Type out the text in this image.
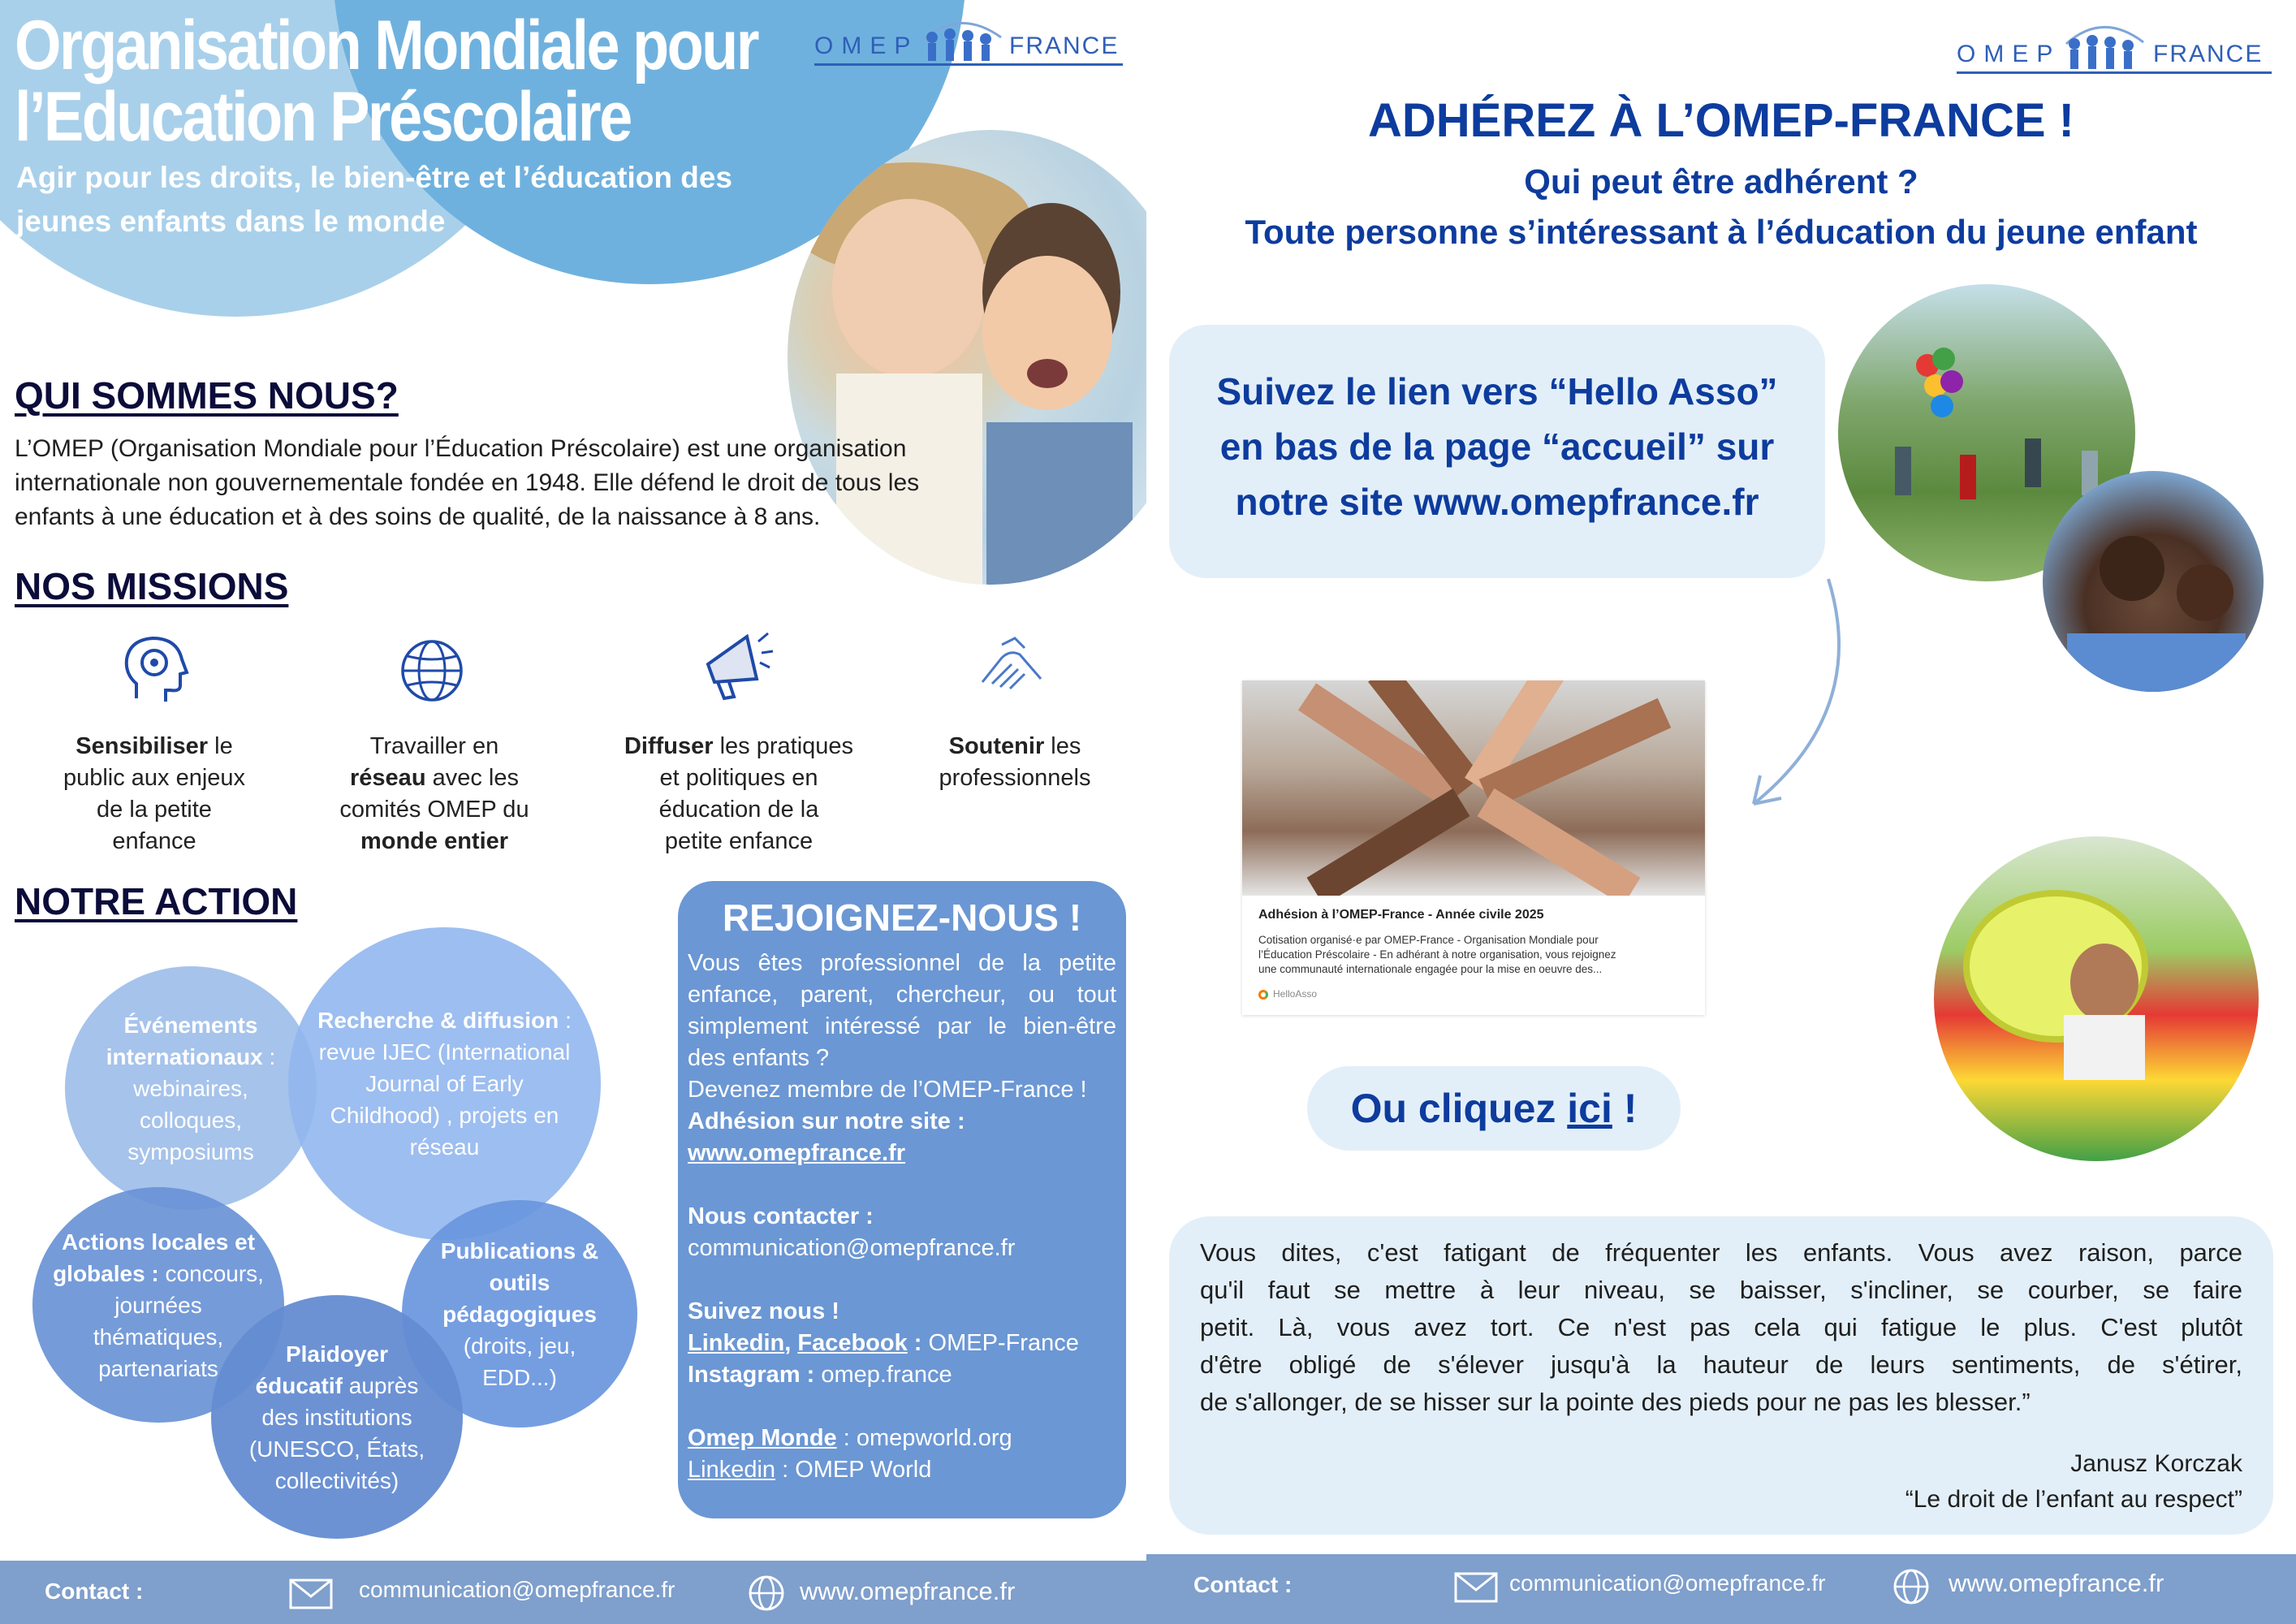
Organisation Mondiale pour
l’Education Préscolaire
Agir pour les droits, le bien-être et l’éducation des
jeunes enfants dans le monde
OMEP	FRANCE
QUI SOMMES NOUS?
L’OMEP (Organisation Mondiale pour l’Éducation Préscolaire) est une organisation
internationale non gouvernementale fondée en 1948. Elle défend le droit de tous les
enfants à une éducation et à des soins de qualité, de la naissance à 8 ans.
NOS MISSIONS
Sensibiliser le
public aux enjeux
de la petite
enfance
Travailler en
réseau avec les
comités OMEP du
monde entier
Diffuser les pratiques
et politiques en
éducation de la
petite enfance
Soutenir les
professionnels
NOTRE ACTION
Événements
internationaux :
webinaires,
colloques,
symposiums
Recherche & diffusion :
revue IJEC (International
Journal of Early
Childhood) , projets en
réseau
Actions locales et
globales : concours,
journées
thématiques,
partenariats
Publications &
outils
pédagogiques
(droits, jeu,
EDD...)
Plaidoyer
éducatif auprès
des institutions
(UNESCO, États,
collectivités)
REJOIGNEZ-NOUS !
Vous êtes professionnel de la petite enfance, parent, chercheur, ou tout simplement intéressé par le bien-être des enfants ?
Devenez membre de l’OMEP-France !
Adhésion sur notre site :
www.omepfrance.fr

Nous contacter :
communication@omepfrance.fr

Suivez nous !
Linkedin, Facebook : OMEP-France
Instagram : omep.france

Omep Monde : omepworld.org
Linkedin : OMEP World
Contact :	communication@omepfrance.fr	www.omepfrance.fr
OMEP	FRANCE
ADHÉREZ À L’OMEP-FRANCE !
Qui peut être adhérent ?
Toute personne s’intéressant à l’éducation du jeune enfant
Suivez le lien vers “Hello Asso”
en bas de la page “accueil” sur
notre site www.omepfrance.fr
Adhésion à l’OMEP-France - Année civile 2025
Cotisation organisé·e par OMEP-France - Organisation Mondiale pour
l’Éducation Préscolaire - En adhérant à notre organisation, vous rejoignez
une communauté internationale engagée pour la mise en oeuvre des...
HelloAsso
Ou cliquez ici !
Vous dites, c'est fatigant de fréquenter les enfants. Vous avez raison, parce
qu'il faut se mettre à leur niveau, se baisser, s'incliner, se courber, se faire
petit. Là, vous avez tort. Ce n'est pas cela qui fatigue le plus. C'est plutôt
d'être obligé de s'élever jusqu'à la hauteur de leurs sentiments, de s'étirer,
de s'allonger, de se hisser sur la pointe des pieds pour ne pas les blesser.”
Janusz Korczak
“Le droit de l’enfant au respect”
Contact :	communication@omepfrance.fr	www.omepfrance.fr
